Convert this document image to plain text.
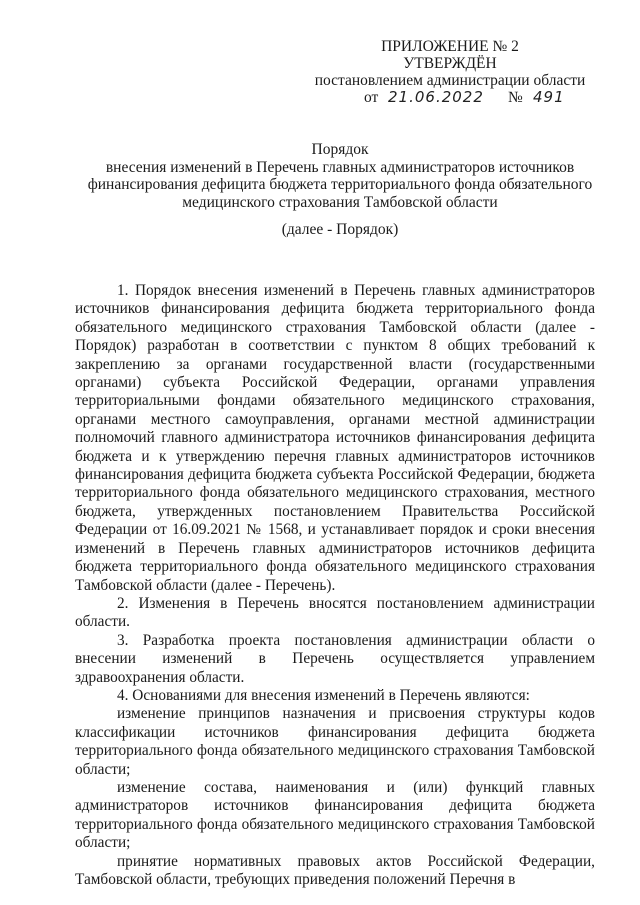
ПРИЛОЖЕНИЕ № 2
УТВЕРЖДЁН
постановлением администрации области
от 21.06.2022 № 491
Порядок
внесения изменений в Перечень главных администраторов источников
финансирования дефицита бюджета территориального фонда обязательного
медицинского страхования Тамбовской области
(далее - Порядок)

1. Порядок внесения изменений в Перечень главных администраторов источников финансирования дефицита бюджета территориального фонда обязательного медицинского страхования Тамбовской области (далее - Порядок) разработан в соответствии с пунктом 8 общих требований к закреплению за органами государственной власти (государственными органами) субъекта Российской Федерации, органами управления территориальными фондами обязательного медицинского страхования, органами местного самоуправления, органами местной администрации полномочий главного администратора источников финансирования дефицита бюджета и к утверждению перечня главных администраторов источников финансирования дефицита бюджета субъекта Российской Федерации, бюджета территориального фонда обязательного медицинского страхования, местного бюджета, утвержденных постановлением Правительства Российской Федерации от 16.09.2021 № 1568, и устанавливает порядок и сроки внесения изменений в Перечень главных администраторов источников дефицита бюджета территориального фонда обязательного медицинского страхования Тамбовской области (далее - Перечень).

2. Изменения в Перечень вносятся постановлением администрации области.

3. Разработка проекта постановления администрации области о внесении изменений в Перечень осуществляется управлением здравоохранения области.

4. Основаниями для внесения изменений в Перечень являются:

изменение принципов назначения и присвоения структуры кодов классификации источников финансирования дефицита бюджета территориального фонда обязательного медицинского страхования Тамбовской области;

изменение состава, наименования и (или) функций главных администраторов источников финансирования дефицита бюджета территориального фонда обязательного медицинского страхования Тамбовской области;

принятие нормативных правовых актов Российской Федерации, Тамбовской области, требующих приведения положений Перечня в
